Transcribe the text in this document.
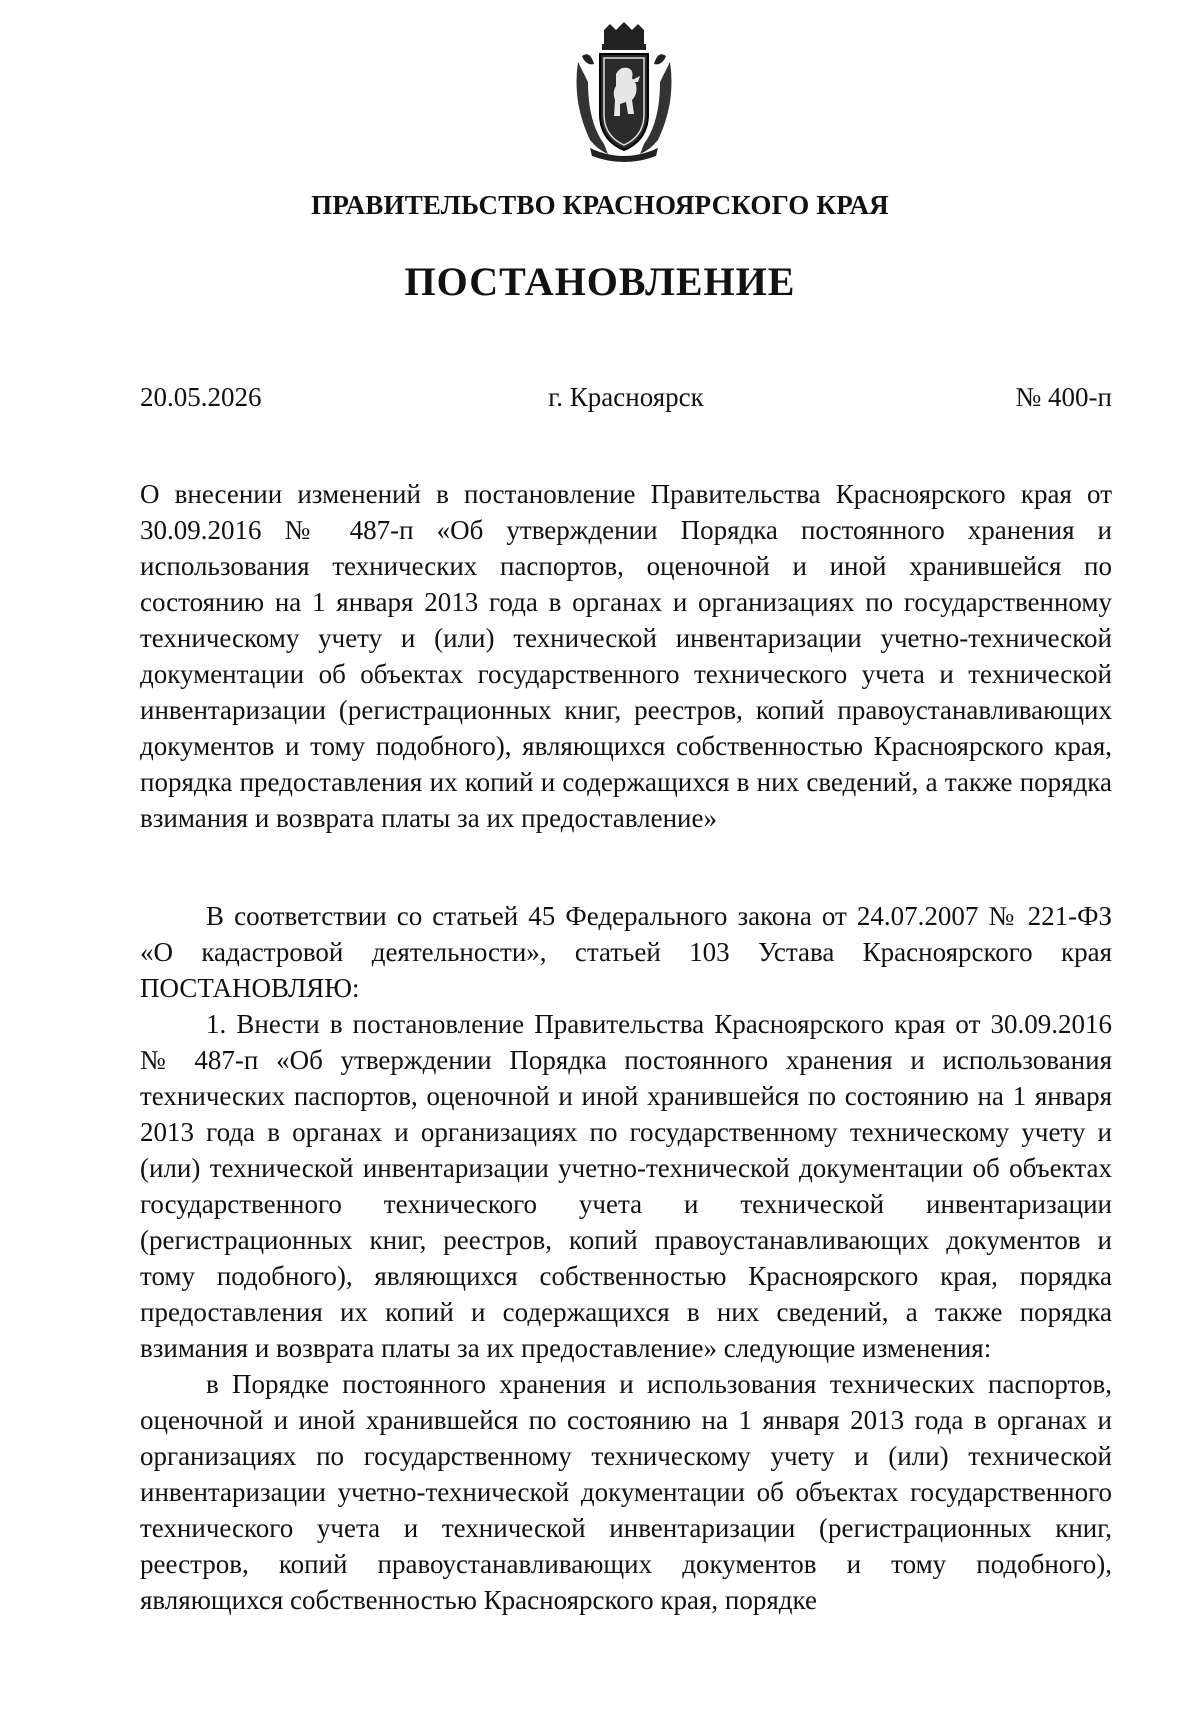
ПРАВИТЕЛЬСТВО КРАСНОЯРСКОГО КРАЯ
ПОСТАНОВЛЕНИЕ
20.05.2026	г. Красноярск	№ 400-п

О внесении изменений в постановление Правительства Красноярского края от 30.09.2016 № 487-п «Об утверждении Порядка постоянного хранения и использования технических паспортов, оценочной и иной хранившейся по состоянию на 1 января 2013 года в органах и организациях по государственному техническому учету и (или) технической инвентаризации учетно-технической документации об объектах государственного технического учета и технической инвентаризации (регистрационных книг, реестров, копий правоустанавливающих документов и тому подобного), являющихся собственностью Красноярского края, порядка предоставления их копий и содержащихся в них сведений, а также порядка взимания и возврата платы за их предоставление»

В соответствии со статьей 45 Федерального закона от 24.07.2007 № 221-ФЗ «О кадастровой деятельности», статьей 103 Устава Красноярского края ПОСТАНОВЛЯЮ:

1. Внести в постановление Правительства Красноярского края от 30.09.2016 № 487-п «Об утверждении Порядка постоянного хранения и использования технических паспортов, оценочной и иной хранившейся по состоянию на 1 января 2013 года в органах и организациях по государственному техническому учету и (или) технической инвентаризации учетно-технической документации об объектах государственного технического учета и технической инвентаризации (регистрационных книг, реестров, копий правоустанавливающих документов и тому подобного), являющихся собственностью Красноярского края, порядка предоставления их копий и содержащихся в них сведений, а также порядка взимания и возврата платы за их предоставление» следующие изменения:

в Порядке постоянного хранения и использования технических паспортов, оценочной и иной хранившейся по состоянию на 1 января 2013 года в органах и организациях по государственному техническому учету и (или) технической инвентаризации учетно-технической документации об объектах государственного технического учета и технической инвентаризации (регистрационных книг, реестров, копий правоустанавливающих документов и тому подобного), являющихся собственностью Красноярского края, порядке
